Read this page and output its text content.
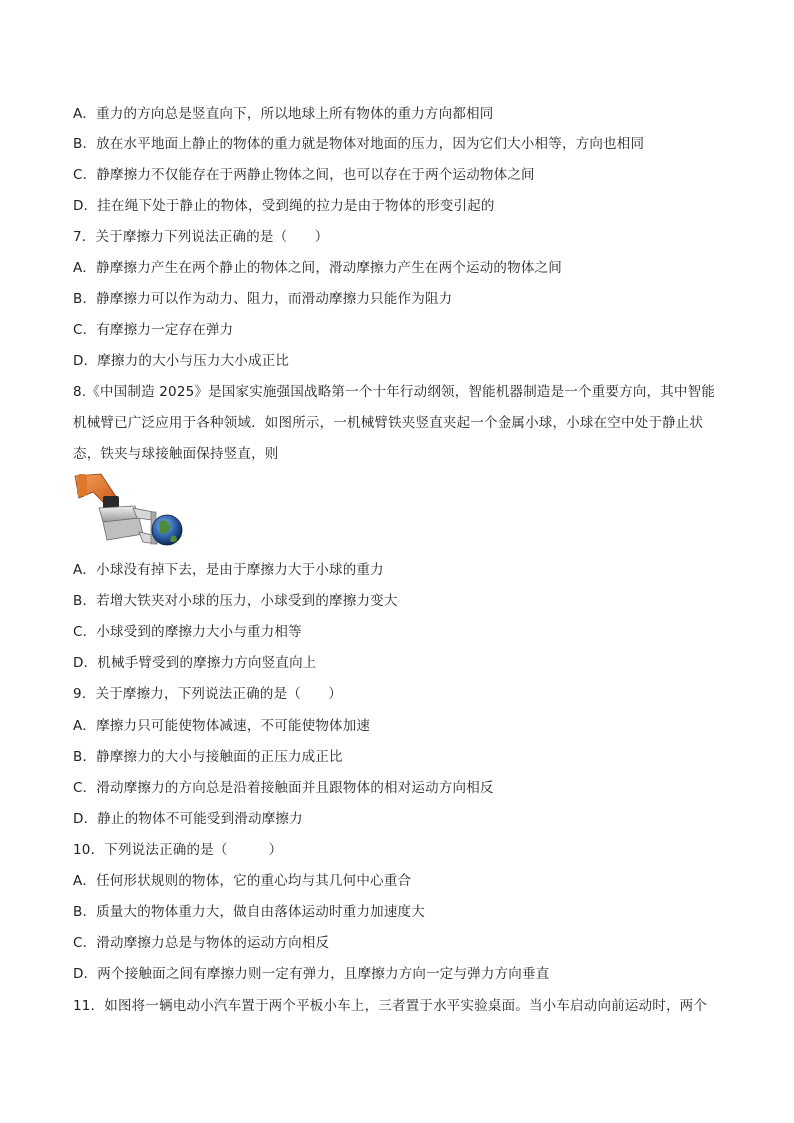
A．重力的方向总是竖直向下，所以地球上所有物体的重力方向都相同
B．放在水平地面上静止的物体的重力就是物体对地面的压力，因为它们大小相等，方向也相同
C．静摩擦力不仅能存在于两静止物体之间，也可以存在于两个运动物体之间
D．挂在绳下处于静止的物体，受到绳的拉力是由于物体的形变引起的
7．关于摩擦力下列说法正确的是（　　）
A．静摩擦力产生在两个静止的物体之间，滑动摩擦力产生在两个运动的物体之间
B．静摩擦力可以作为动力、阻力，而滑动摩擦力只能作为阻力
C．有摩擦力一定存在弹力
D．摩擦力的大小与压力大小成正比
8.《中国制造 2025》是国家实施强国战略第一个十年行动纲领，智能机器制造是一个重要方向，其中智能
机械臂已广泛应用于各种领域．如图所示，一机械臂铁夹竖直夹起一个金属小球，小球在空中处于静止状
态，铁夹与球接触面保持竖直，则
A．小球没有掉下去，是由于摩擦力大于小球的重力
B．若增大铁夹对小球的压力，小球受到的摩擦力变大
C．小球受到的摩擦力大小与重力相等
D．机械手臂受到的摩擦力方向竖直向上
9．关于摩擦力，下列说法正确的是（　　）
A．摩擦力只可能使物体减速，不可能使物体加速
B．静摩擦力的大小与接触面的正压力成正比
C．滑动摩擦力的方向总是沿着接触面并且跟物体的相对运动方向相反
D．静止的物体不可能受到滑动摩擦力
10．下列说法正确的是（　　　）
A．任何形状规则的物体，它的重心均与其几何中心重合
B．质量大的物体重力大，做自由落体运动时重力加速度大
C．滑动摩擦力总是与物体的运动方向相反
D．两个接触面之间有摩擦力则一定有弹力，且摩擦力方向一定与弹力方向垂直
11．如图将一辆电动小汽车置于两个平板小车上，三者置于水平实验桌面。当小车启动向前运动时，两个
